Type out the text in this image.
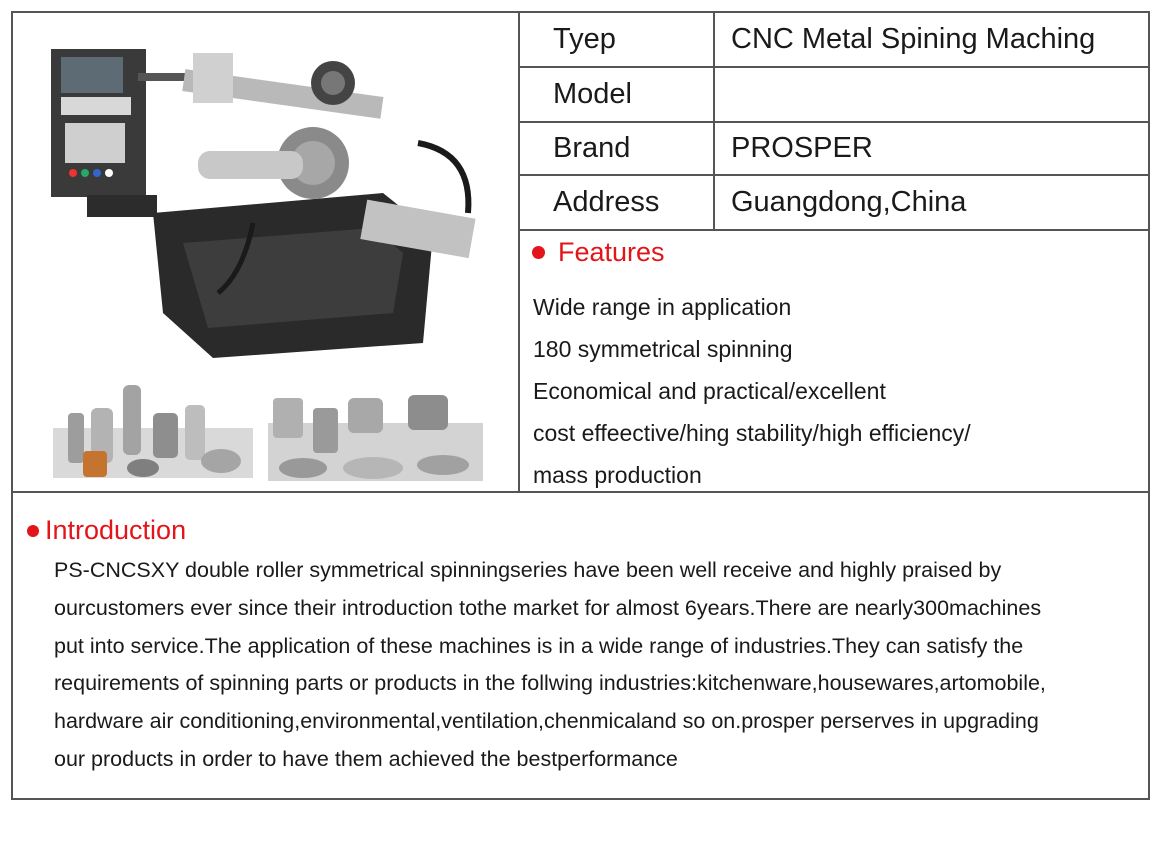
Tyep	CNC Metal Spining Maching
Model
Brand	PROSPER
Address	Guangdong,China
Features
Wide range in application
180 symmetrical spinning
Economical and practical/excellent
cost effeective/hing stability/high efficiency/
mass production
Introduction

PS-CNCSXY double roller symmetrical spinningseries have been well receive and highly praised by

ourcustomers ever since their introduction tothe market for almost 6years.There are nearly300machines

put into service.The application of these machines is in a wide range of industries.They can satisfy the

requirements of spinning parts or products in the follwing industries:kitchenware,housewares,artomobile,

hardware air conditioning,environmental,ventilation,chenmicaland so on.prosper perserves in upgrading

our products in order to have them achieved the bestperformance
